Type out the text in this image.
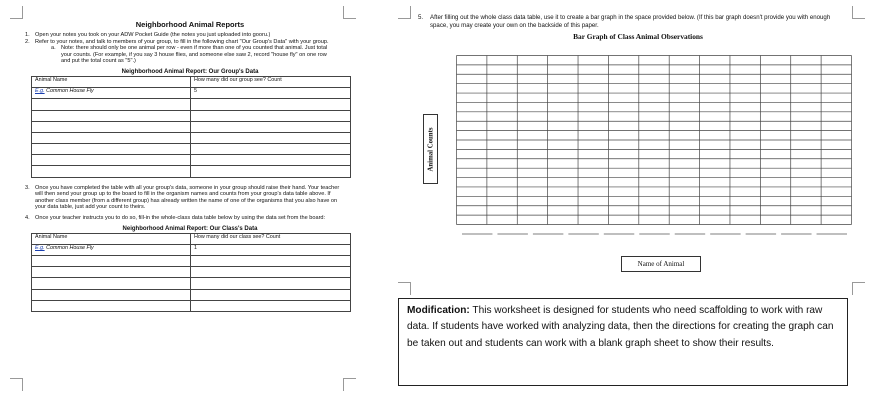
Neighborhood Animal Reports
1. Open your notes you took on your ADW Pocket Guide (the notes you just uploaded into gooru.)
2. Refer to your notes, and talk to members of your group, to fill in the following chart "Our Group's Data" with your group.
a. Note: there should only be one animal per row - even if more than one of you counted that animal. Just total your counts. (For example, if you say 3 house flies, and someone else saw 2, record "house fly" on one row and put the total count as "5".)
Neighborhood Animal Report: Our Group's Data
Animal Name	How many did our group see? Count
E.g. Common House Fly	5

3. Once you have completed the table with all your group's data, someone in your group should raise their hand. Your teacher will then send your group up to the board to fill in the organism names and counts from your group's data table above. If another class member (from a different group) has already written the name of one of the organisms that you also have on your data table, just add your count to theirs.
4. Once your teacher instructs you to do so, fill-in the whole-class data table below by using the data set from the board:
Neighborhood Animal Report: Our Class's Data
Animal Name	How many did our class see? Count
E.g. Common House Fly	1

5. After filling out the whole class data table, use it to create a bar graph in the space provided below. (If this bar graph doesn't provide you with enough space, you may create your own on the backside of this paper.
Bar Graph of Class Animal Observations
Animal Counts
Name of Animal
Modification: This worksheet is designed for students who need scaffolding to work with raw data. If students have worked with analyzing data, then the directions for creating the graph can be taken out and students can work with a blank graph sheet to show their results.
